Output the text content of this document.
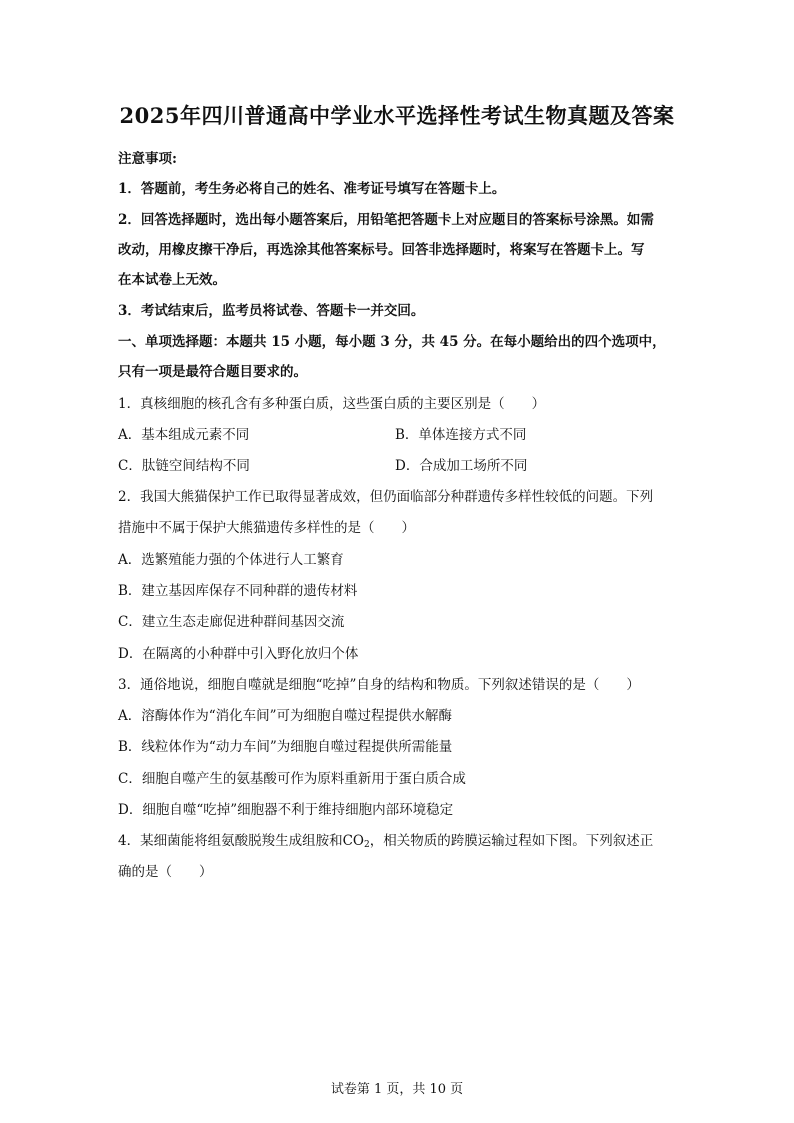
2025年四川普通高中学业水平选择性考试生物真题及答案
注意事项:
1．答题前，考生务必将自己的姓名、准考证号填写在答题卡上。
2．回答选择题时，选出每小题答案后，用铅笔把答题卡上对应题目的答案标号涂黑。如需
改动，用橡皮擦干净后，再选涂其他答案标号。回答非选择题时，将案写在答题卡上。写
在本试卷上无效。
3．考试结束后，监考员将试卷、答题卡一并交回。
一、单项选择题：本题共 15 小题，每小题 3 分，共 45 分。在每小题给出的四个选项中，
只有一项是最符合题目要求的。
1．真核细胞的核孔含有多种蛋白质，这些蛋白质的主要区别是（　　）
A．基本组成元素不同	B．单体连接方式不同
C．肽链空间结构不同	D．合成加工场所不同
2．我国大熊猫保护工作已取得显著成效，但仍面临部分种群遗传多样性较低的问题。下列
措施中不属于保护大熊猫遗传多样性的是（　　）
A．选繁殖能力强的个体进行人工繁育
B．建立基因库保存不同种群的遗传材料
C．建立生态走廊促进种群间基因交流
D．在隔离的小种群中引入野化放归个体
3．通俗地说，细胞自噬就是细胞“吃掉”自身的结构和物质。下列叙述错误的是（　　）
A．溶酶体作为“消化车间”可为细胞自噬过程提供水解酶
B．线粒体作为“动力车间”为细胞自噬过程提供所需能量
C．细胞自噬产生的氨基酸可作为原料重新用于蛋白质合成
D．细胞自噬“吃掉”细胞器不利于维持细胞内部环境稳定
4．某细菌能将组氨酸脱羧生成组胺和$CO_2$，相关物质的跨膜运输过程如下图。下列叙述正
确的是（　　）
试卷第 1 页，共 10 页
